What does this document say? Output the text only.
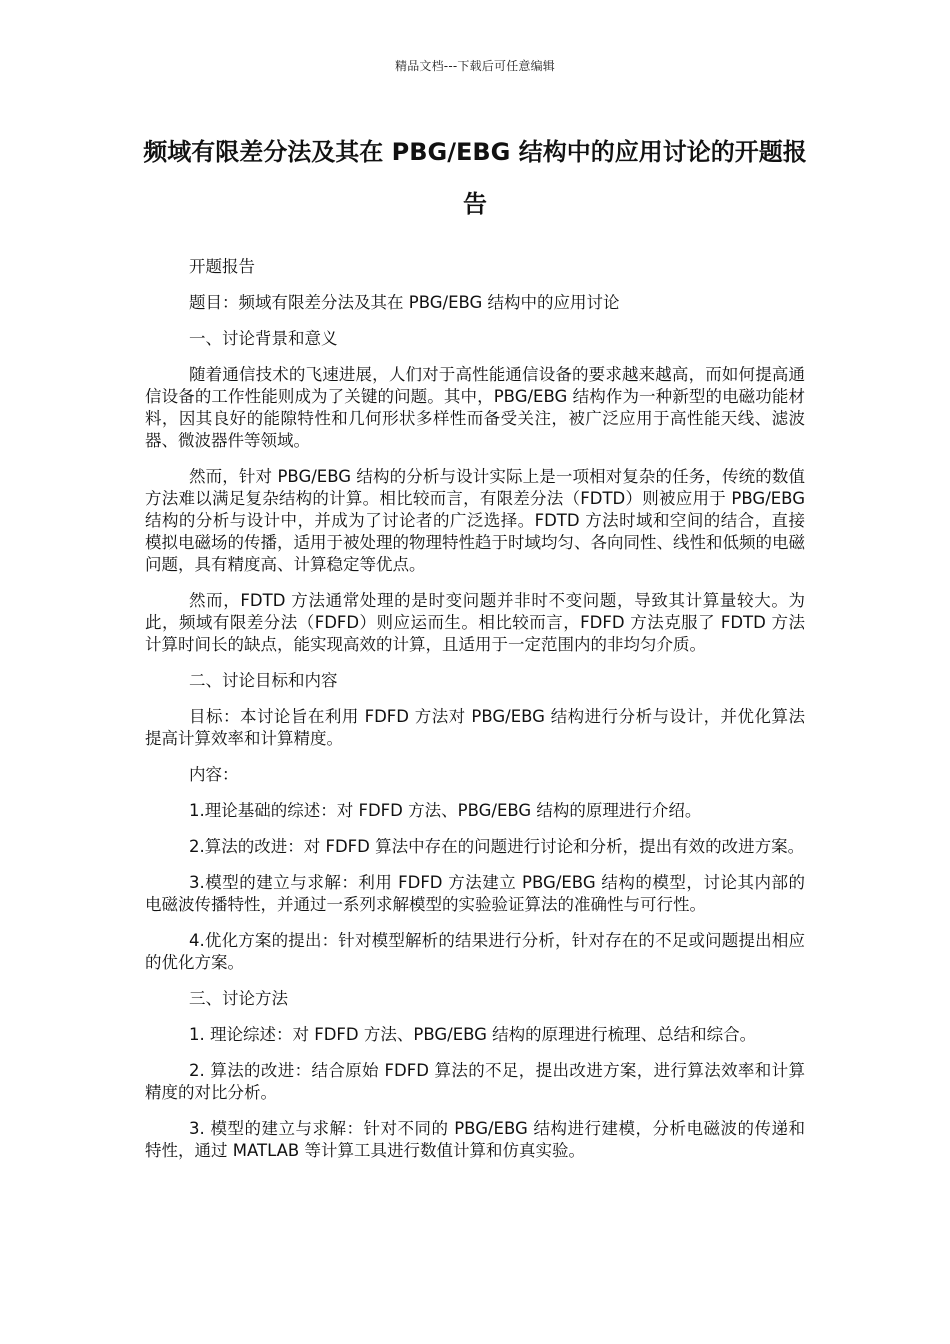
精品文档---下载后可任意编辑
频域有限差分法及其在 PBG/EBG 结构中的应用讨论的开题报告

开题报告

题目：频域有限差分法及其在 PBG/EBG 结构中的应用讨论

一、讨论背景和意义

随着通信技术的飞速进展，人们对于高性能通信设备的要求越来越高，而如何提高通信设备的工作性能则成为了关键的问题。其中，PBG/EBG 结构作为一种新型的电磁功能材料，因其良好的能隙特性和几何形状多样性而备受关注，被广泛应用于高性能天线、滤波器、微波器件等领域。

然而，针对 PBG/EBG 结构的分析与设计实际上是一项相对复杂的任务，传统的数值方法难以满足复杂结构的计算。相比较而言，有限差分法（FDTD）则被应用于 PBG/EBG 结构的分析与设计中，并成为了讨论者的广泛选择。FDTD 方法时域和空间的结合，直接模拟电磁场的传播，适用于被处理的物理特性趋于时域均匀、各向同性、线性和低频的电磁问题，具有精度高、计算稳定等优点。

然而，FDTD 方法通常处理的是时变问题并非时不变问题，导致其计算量较大。为此，频域有限差分法（FDFD）则应运而生。相比较而言，FDFD 方法克服了 FDTD 方法计算时间长的缺点，能实现高效的计算，且适用于一定范围内的非均匀介质。

二、讨论目标和内容

目标：本讨论旨在利用 FDFD 方法对 PBG/EBG 结构进行分析与设计，并优化算法提高计算效率和计算精度。

内容：

1.理论基础的综述：对 FDFD 方法、PBG/EBG 结构的原理进行介绍。

2.算法的改进：对 FDFD 算法中存在的问题进行讨论和分析，提出有效的改进方案。

3.模型的建立与求解：利用 FDFD 方法建立 PBG/EBG 结构的模型，讨论其内部的电磁波传播特性，并通过一系列求解模型的实验验证算法的准确性与可行性。

4.优化方案的提出：针对模型解析的结果进行分析，针对存在的不足或问题提出相应的优化方案。

三、讨论方法

1. 理论综述：对 FDFD 方法、PBG/EBG 结构的原理进行梳理、总结和综合。

2. 算法的改进：结合原始 FDFD 算法的不足，提出改进方案，进行算法效率和计算精度的对比分析。

3. 模型的建立与求解：针对不同的 PBG/EBG 结构进行建模，分析电磁波的传递和特性，通过 MATLAB 等计算工具进行数值计算和仿真实验。
